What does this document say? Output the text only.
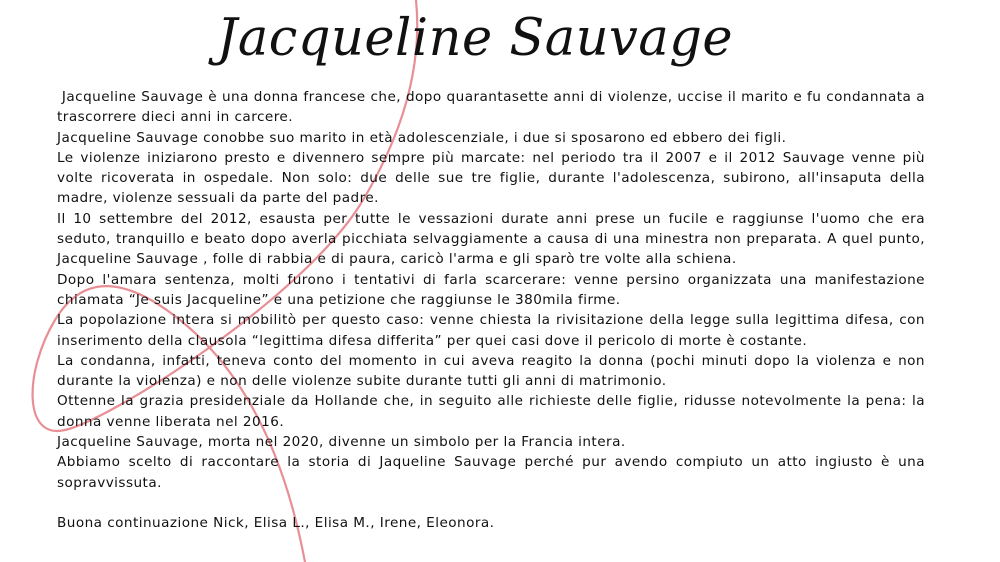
Jacqueline Sauvage

Jacqueline Sauvage è una donna francese che, dopo quarantasette anni di violenze, uccise il marito e fu condannata a trascorrere dieci anni in carcere.

Jacqueline Sauvage conobbe suo marito in età adolescenziale, i due si sposarono ed ebbero dei figli.

Le violenze iniziarono presto e divennero sempre più marcate: nel periodo tra il 2007 e il 2012 Sauvage venne più volte ricoverata in ospedale. Non solo: due delle sue tre figlie, durante l'adolescenza, subirono, all'insaputa della madre, violenze sessuali da parte del padre.

Il 10 settembre del 2012, esausta per tutte le vessazioni durate anni prese un fucile e raggiunse l'uomo che era seduto, tranquillo e beato dopo averla picchiata selvaggiamente a causa di una minestra non preparata. A quel punto, Jacqueline Sauvage , folle di rabbia e di paura, caricò l'arma e gli sparò tre volte alla schiena.

Dopo l'amara sentenza, molti furono i tentativi di farla scarcerare: venne persino organizzata una manifestazione chiamata “Je suis Jacqueline” e una petizione che raggiunse le 380mila firme.

La popolazione intera si mobilitò per questo caso: venne chiesta la rivisitazione della legge sulla legittima difesa, con inserimento della clausola “legittima difesa differita” per quei casi dove il pericolo di morte è costante.

La condanna, infatti, teneva conto del momento in cui aveva reagito la donna (pochi minuti dopo la violenza e non durante la violenza) e non delle violenze subite durante tutti gli anni di matrimonio.

Ottenne la grazia presidenziale da Hollande che, in seguito alle richieste delle figlie, ridusse notevolmente la pena: la donna venne liberata nel 2016.

Jacqueline Sauvage, morta nel 2020, divenne un simbolo per la Francia intera.

Abbiamo scelto di raccontare la storia di Jaqueline Sauvage perché pur avendo compiuto un atto ingiusto è una sopravvissuta.

Buona continuazione Nick, Elisa L., Elisa M., Irene, Eleonora.
